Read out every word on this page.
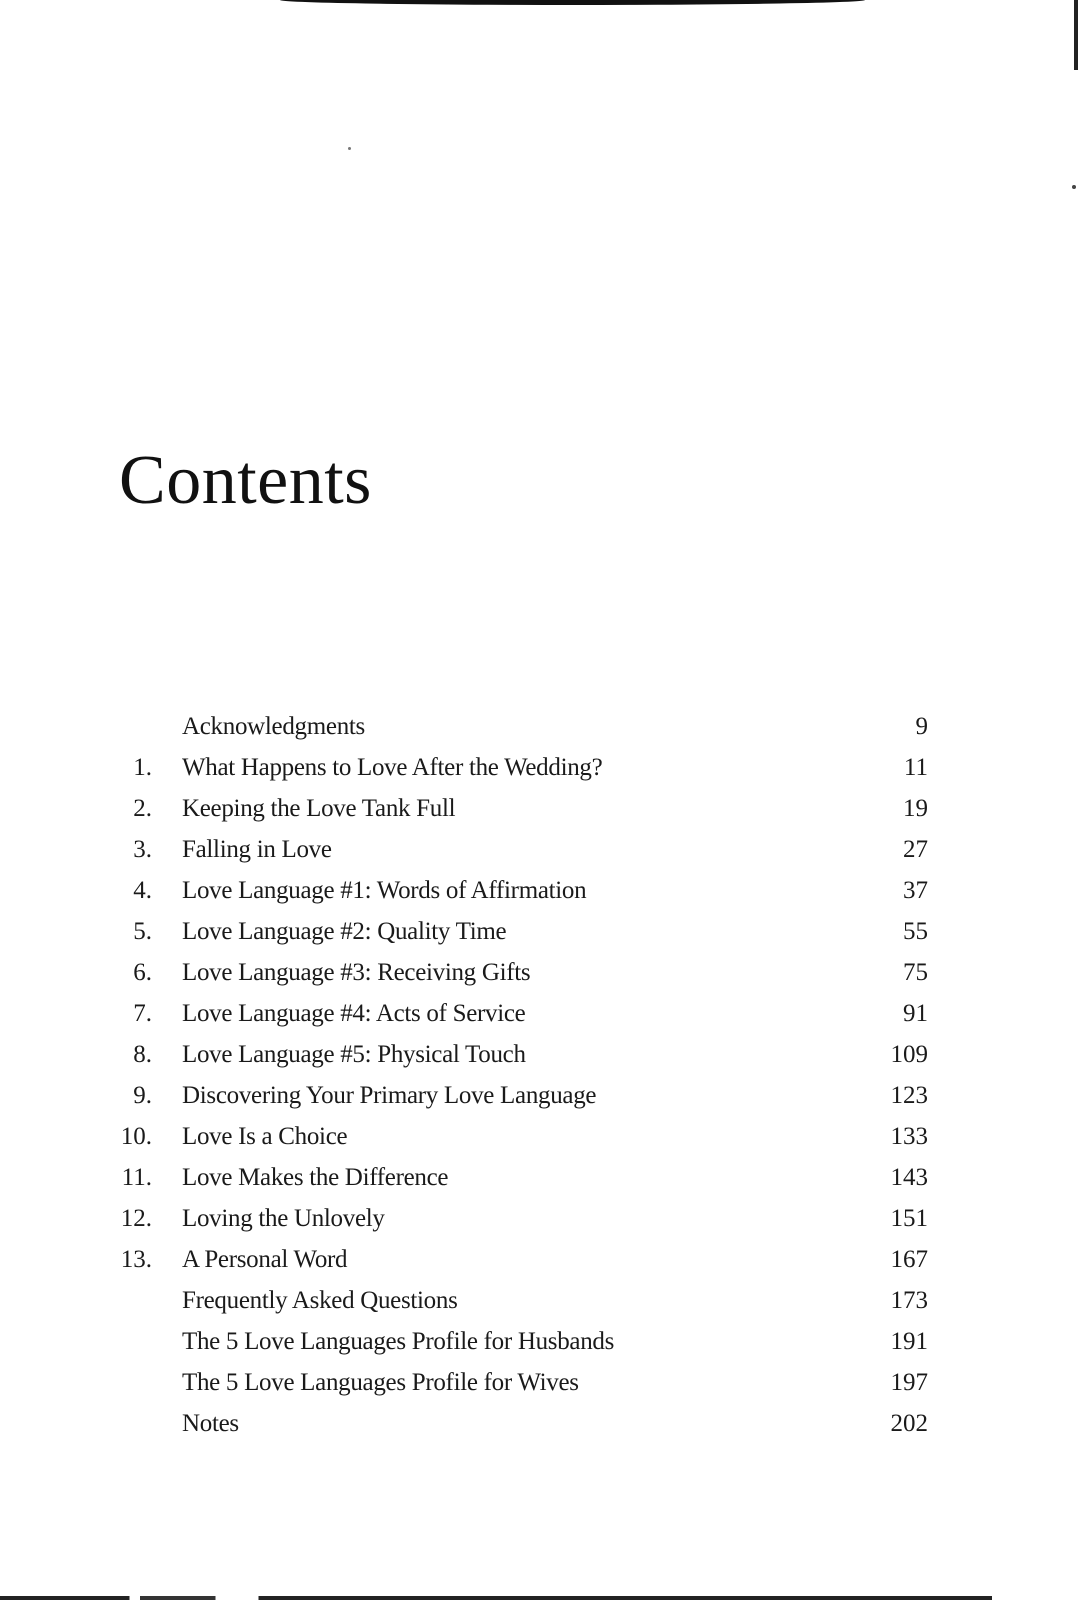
Contents
Acknowledgments	9
1. What Happens to Love After the Wedding?	11
2. Keeping the Love Tank Full	19
3. Falling in Love	27
4. Love Language #1: Words of Affirmation	37
5. Love Language #2: Quality Time	55
6. Love Language #3: Receiving Gifts	75
7. Love Language #4: Acts of Service	91
8. Love Language #5: Physical Touch	109
9. Discovering Your Primary Love Language	123
10. Love Is a Choice	133
11. Love Makes the Difference	143
12. Loving the Unlovely	151
13. A Personal Word	167
Frequently Asked Questions	173
The 5 Love Languages Profile for Husbands	191
The 5 Love Languages Profile for Wives	197
Notes	202
